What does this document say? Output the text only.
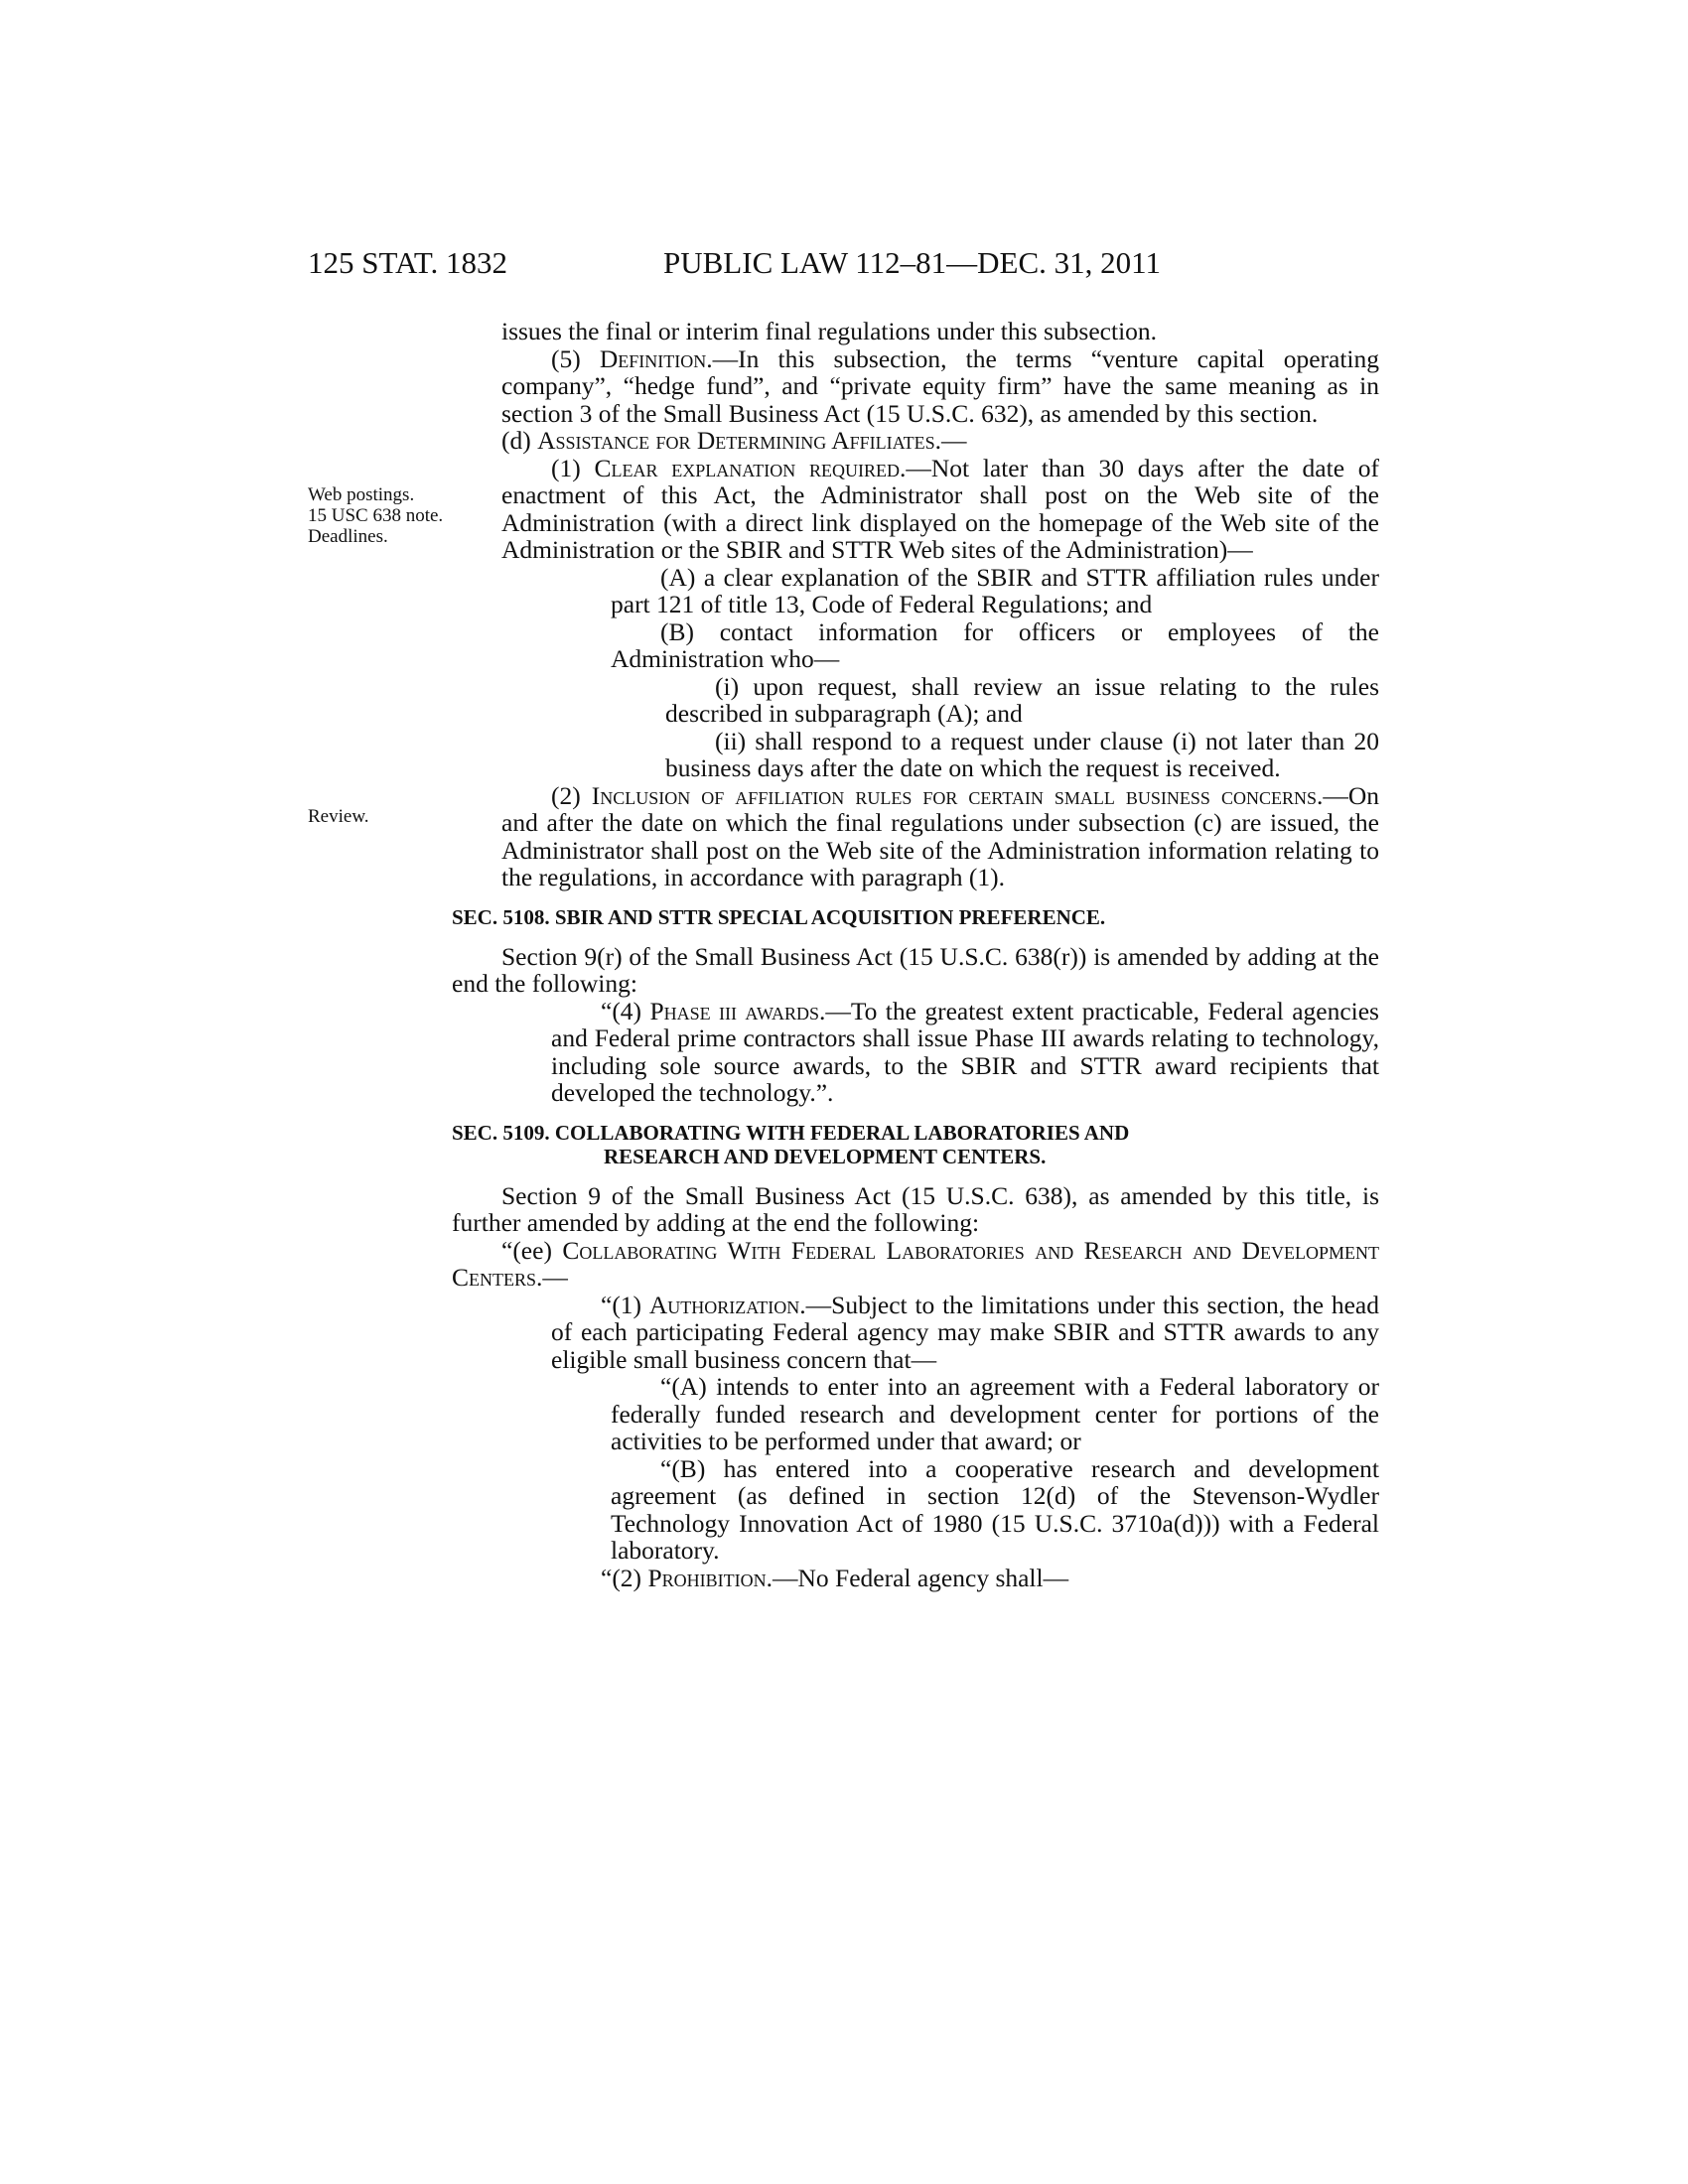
125 STAT. 1832	PUBLIC LAW 112–81—DEC. 31, 2011
Web postings.
15 USC 638 note.
Deadlines.
Review.

issues the final or interim final regulations under this subsection.

(5) Definition.—In this subsection, the terms “venture capital operating company”, “hedge fund”, and “private equity firm” have the same meaning as in section 3 of the Small Business Act (15 U.S.C. 632), as amended by this section.

(d) Assistance for Determining Affiliates.—

(1) Clear explanation required.—Not later than 30 days after the date of enactment of this Act, the Administrator shall post on the Web site of the Administration (with a direct link displayed on the homepage of the Web site of the Administration or the SBIR and STTR Web sites of the Administration)—

(A) a clear explanation of the SBIR and STTR affiliation rules under part 121 of title 13, Code of Federal Regulations; and

(B) contact information for officers or employees of the Administration who—

(i) upon request, shall review an issue relating to the rules described in subparagraph (A); and

(ii) shall respond to a request under clause (i) not later than 20 business days after the date on which the request is received.

(2) Inclusion of affiliation rules for certain small business concerns.—On and after the date on which the final regulations under subsection (c) are issued, the Administrator shall post on the Web site of the Administration information relating to the regulations, in accordance with paragraph (1).

SEC. 5108. SBIR AND STTR SPECIAL ACQUISITION PREFERENCE.

Section 9(r) of the Small Business Act (15 U.S.C. 638(r)) is amended by adding at the end the following:

“(4) Phase iii awards.—To the greatest extent practicable, Federal agencies and Federal prime contractors shall issue Phase III awards relating to technology, including sole source awards, to the SBIR and STTR award recipients that developed the technology.”.

SEC. 5109. COLLABORATING WITH FEDERAL LABORATORIES AND
RESEARCH AND DEVELOPMENT CENTERS.

Section 9 of the Small Business Act (15 U.S.C. 638), as amended by this title, is further amended by adding at the end the following:

“(ee) Collaborating With Federal Laboratories and Research and Development Centers.—

“(1) Authorization.—Subject to the limitations under this section, the head of each participating Federal agency may make SBIR and STTR awards to any eligible small business concern that—

“(A) intends to enter into an agreement with a Federal laboratory or federally funded research and development center for portions of the activities to be performed under that award; or

“(B) has entered into a cooperative research and development agreement (as defined in section 12(d) of the Stevenson-Wydler Technology Innovation Act of 1980 (15 U.S.C. 3710a(d))) with a Federal laboratory.

“(2) Prohibition.—No Federal agency shall—
